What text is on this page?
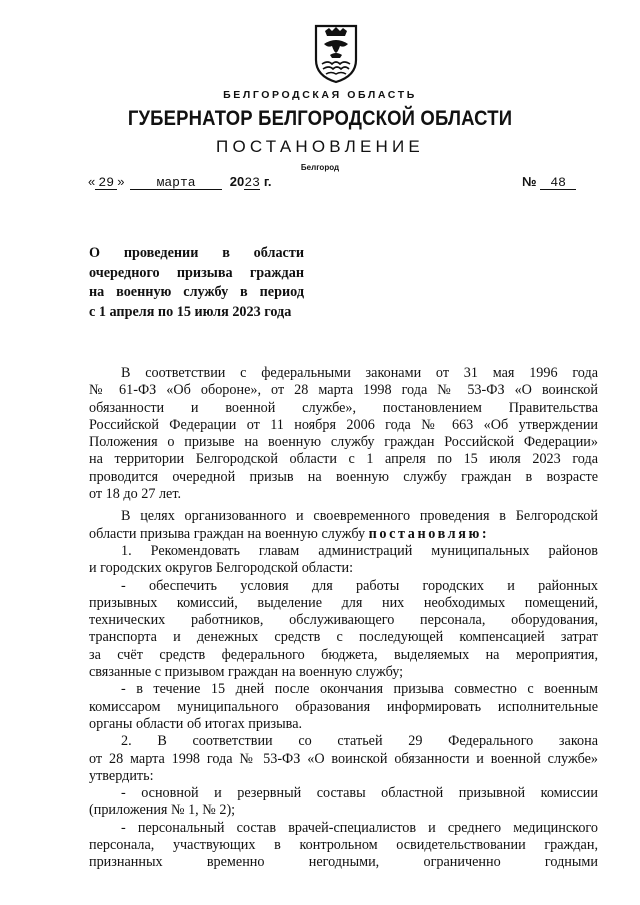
БЕЛГОРОДСКАЯ ОБЛАСТЬ
ГУБЕРНАТОР БЕЛГОРОДСКОЙ ОБЛАСТИ
ПОСТАНОВЛЕНИЕ
Белгород
« 29 » марта	2023 г.	№ 48
О проведении в области
очередного призыва граждан
на военную службу в период
с 1 апреля по 15 июля 2023 года
В соответствии с федеральными законами от 31 мая 1996 года
№ 61-ФЗ «Об обороне», от 28 марта 1998 года № 53-ФЗ «О воинской
обязанности и военной службе», постановлением Правительства
Российской Федерации от 11 ноября 2006 года № 663 «Об утверждении
Положения о призыве на военную службу граждан Российской Федерации»
на территории Белгородской области с 1 апреля по 15 июля 2023 года
проводится очередной призыв на военную службу граждан в возрасте
от 18 до 27 лет.
В целях организованного и своевременного проведения в Белгородской
области призыва граждан на военную службу постановляю:
1. Рекомендовать главам администраций муниципальных районов
и городских округов Белгородской области:
- обеспечить условия для работы городских и районных
призывных комиссий, выделение для них необходимых помещений,
технических работников, обслуживающего персонала, оборудования,
транспорта и денежных средств с последующей компенсацией затрат
за счёт средств федерального бюджета, выделяемых на мероприятия,
связанные с призывом граждан на военную службу;
- в течение 15 дней после окончания призыва совместно с военным
комиссаром муниципального образования информировать исполнительные
органы области об итогах призыва.
2. В соответствии со статьей 29 Федерального закона
от 28 марта 1998 года № 53-ФЗ «О воинской обязанности и военной службе»
утвердить:
- основной и резервный составы областной призывной комиссии
(приложения № 1, № 2);
- персональный состав врачей-специалистов и среднего медицинского
персонала, участвующих в контрольном освидетельствовании граждан,
признанных временно негодными, ограниченно годными
